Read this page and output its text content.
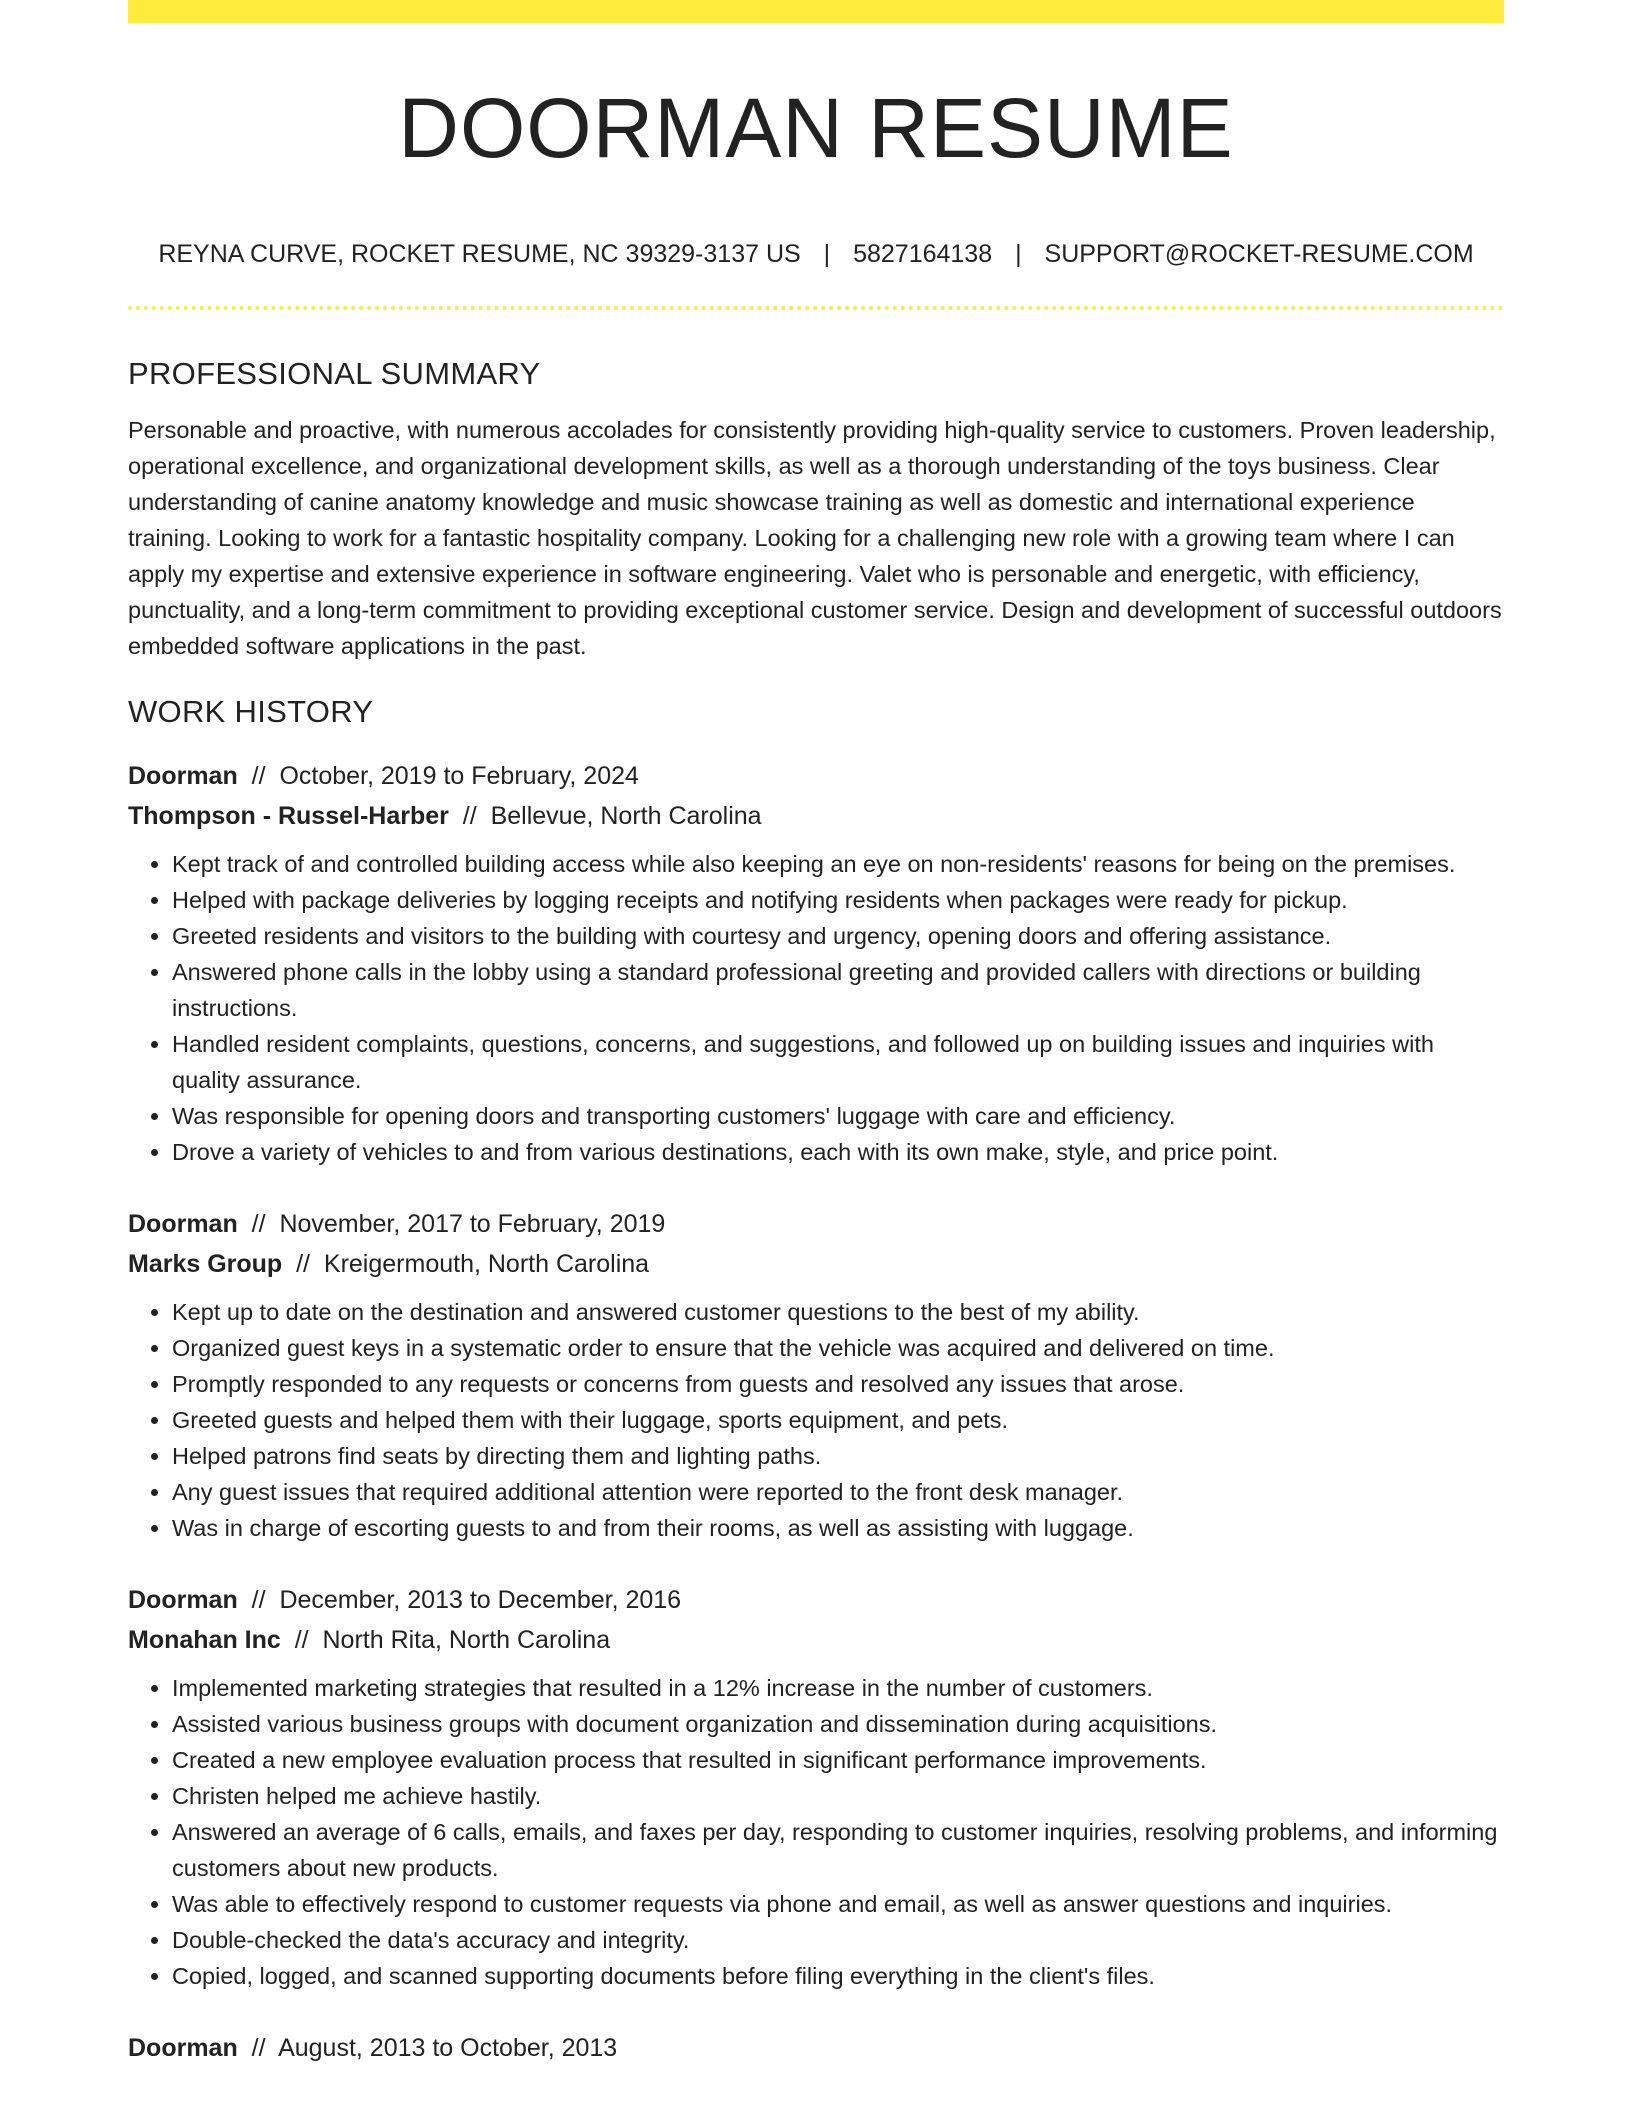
DOORMAN RESUME
REYNA CURVE, ROCKET RESUME, NC 39329-3137 US | 5827164138 | SUPPORT@ROCKET-RESUME.COM
PROFESSIONAL SUMMARY

Personable and proactive, with numerous accolades for consistently providing high-quality service to customers. Proven leadership, operational excellence, and organizational development skills, as well as a thorough understanding of the toys business. Clear understanding of canine anatomy knowledge and music showcase training as well as domestic and international experience training. Looking to work for a fantastic hospitality company. Looking for a challenging new role with a growing team where I can apply my expertise and extensive experience in software engineering. Valet who is personable and energetic, with efficiency, punctuality, and a long-term commitment to providing exceptional customer service. Design and development of successful outdoors embedded software applications in the past.

WORK HISTORY
Doorman  //  October, 2019 to February, 2024
Thompson - Russel-Harber  //  Bellevue, North Carolina
• Kept track of and controlled building access while also keeping an eye on non-residents' reasons for being on the premises.
• Helped with package deliveries by logging receipts and notifying residents when packages were ready for pickup.
• Greeted residents and visitors to the building with courtesy and urgency, opening doors and offering assistance.
• Answered phone calls in the lobby using a standard professional greeting and provided callers with directions or building instructions.
• Handled resident complaints, questions, concerns, and suggestions, and followed up on building issues and inquiries with quality assurance.
• Was responsible for opening doors and transporting customers' luggage with care and efficiency.
• Drove a variety of vehicles to and from various destinations, each with its own make, style, and price point.
Doorman  //  November, 2017 to February, 2019
Marks Group  //  Kreigermouth, North Carolina
• Kept up to date on the destination and answered customer questions to the best of my ability.
• Organized guest keys in a systematic order to ensure that the vehicle was acquired and delivered on time.
• Promptly responded to any requests or concerns from guests and resolved any issues that arose.
• Greeted guests and helped them with their luggage, sports equipment, and pets.
• Helped patrons find seats by directing them and lighting paths.
• Any guest issues that required additional attention were reported to the front desk manager.
• Was in charge of escorting guests to and from their rooms, as well as assisting with luggage.
Doorman  //  December, 2013 to December, 2016
Monahan Inc  //  North Rita, North Carolina
• Implemented marketing strategies that resulted in a 12% increase in the number of customers.
• Assisted various business groups with document organization and dissemination during acquisitions.
• Created a new employee evaluation process that resulted in significant performance improvements.
• Christen helped me achieve hastily.
• Answered an average of 6 calls, emails, and faxes per day, responding to customer inquiries, resolving problems, and informing customers about new products.
• Was able to effectively respond to customer requests via phone and email, as well as answer questions and inquiries.
• Double-checked the data's accuracy and integrity.
• Copied, logged, and scanned supporting documents before filing everything in the client's files.
Doorman  //  August, 2013 to October, 2013
